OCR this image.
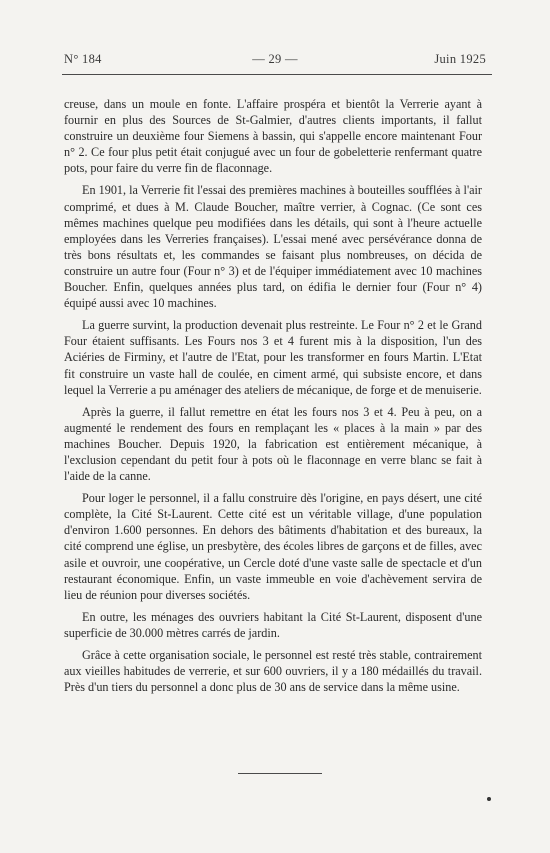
N° 184	— 29 —	Juin 1925

creuse, dans un moule en fonte. L'affaire prospéra et bientôt la Verrerie ayant à fournir en plus des Sources de St-Galmier, d'autres clients importants, il fallut construire un deuxième four Siemens à bassin, qui s'appelle encore maintenant Four n° 2. Ce four plus petit était conjugué avec un four de gobeletterie renfermant quatre pots, pour faire du verre fin de flaconnage.

En 1901, la Verrerie fit l'essai des premières machines à bouteilles soufflées à l'air comprimé, et dues à M. Claude Boucher, maître verrier, à Cognac. (Ce sont ces mêmes machines quelque peu modifiées dans les détails, qui sont à l'heure actuelle employées dans les Verreries françaises). L'essai mené avec persévérance donna de très bons résultats et, les commandes se faisant plus nombreuses, on décida de construire un autre four (Four n° 3) et de l'équiper immédiatement avec 10 machines Boucher. Enfin, quelques années plus tard, on édifia le dernier four (Four n° 4) équipé aussi avec 10 machines.

La guerre survint, la production devenait plus restreinte. Le Four n° 2 et le Grand Four étaient suffisants. Les Fours nos 3 et 4 furent mis à la disposition, l'un des Aciéries de Firminy, et l'autre de l'Etat, pour les transformer en fours Martin. L'Etat fit construire un vaste hall de coulée, en ciment armé, qui subsiste encore, et dans lequel la Verrerie a pu aménager des ateliers de mécanique, de forge et de menuiserie.

Après la guerre, il fallut remettre en état les fours nos 3 et 4. Peu à peu, on a augmenté le rendement des fours en remplaçant les « places à la main » par des machines Boucher. Depuis 1920, la fabrication est entièrement mécanique, à l'exclusion cependant du petit four à pots où le flaconnage en verre blanc se fait à l'aide de la canne.

Pour loger le personnel, il a fallu construire dès l'origine, en pays désert, une cité complète, la Cité St-Laurent. Cette cité est un véritable village, d'une population d'environ 1.600 personnes. En dehors des bâtiments d'habitation et des bureaux, la cité comprend une église, un presbytère, des écoles libres de garçons et de filles, avec asile et ouvroir, une coopérative, un Cercle doté d'une vaste salle de spectacle et d'un restaurant économique. Enfin, un vaste immeuble en voie d'achèvement servira de lieu de réunion pour diverses sociétés.

En outre, les ménages des ouvriers habitant la Cité St-Laurent, disposent d'une superficie de 30.000 mètres carrés de jardin.

Grâce à cette organisation sociale, le personnel est resté très stable, contrairement aux vieilles habitudes de verrerie, et sur 600 ouvriers, il y a 180 médaillés du travail. Près d'un tiers du personnel a donc plus de 30 ans de service dans la même usine.
